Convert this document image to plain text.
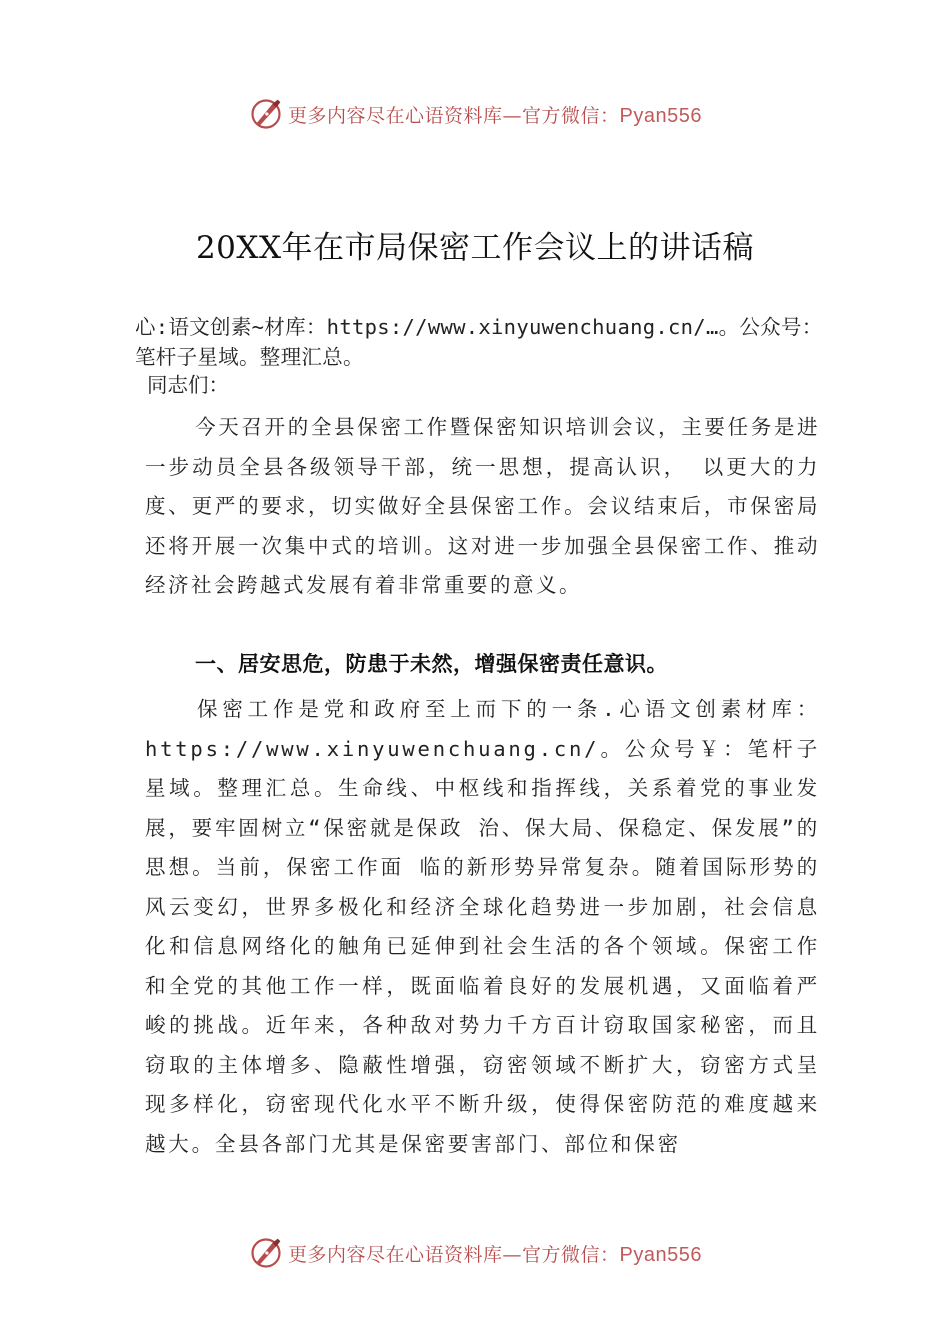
更多内容尽在心语资料库—官方微信：Pyan556
20XX年在市局保密工作会议上的讲话稿
心:语文创素~材库：https://www.xinyuwenchuang.cn/…。公众号：笔杆子星域。整理汇总。
同志们：
今天召开的全县保密工作暨保密知识培训会议，主要任务是进一步动员全县各级领导干部，统一思想，提高认识， 以更大的力度、更严的要求，切实做好全县保密工作。会议结束后，市保密局还将开展一次集中式的培训。这对进一步加强全县保密工作、推动经济社会跨越式发展有着非常重要的意义。
一、居安思危，防患于未然，增强保密责任意识。
保密工作是党和政府至上而下的一条.心语文创素材库：https://www.xinyuwenchuang.cn/。公众号￥：笔杆子星域。整理汇总。生命线、中枢线和指挥线，关系着党的事业发展，要牢固树立“保密就是保政 治、保大局、保稳定、保发展”的思想。当前，保密工作面 临的新形势异常复杂。随着国际形势的风云变幻，世界多极化和经济全球化趋势进一步加剧，社会信息化和信息网络化的触角已延伸到社会生活的各个领域。保密工作和全党的其他工作一样，既面临着良好的发展机遇，又面临着严峻的挑战。近年来，各种敌对势力千方百计窃取国家秘密，而且窃取的主体增多、隐蔽性增强，窃密领域不断扩大，窃密方式呈现多样化，窃密现代化水平不断升级，使得保密防范的难度越来越大。全县各部门尤其是保密要害部门、部位和保密
更多内容尽在心语资料库—官方微信：Pyan556
